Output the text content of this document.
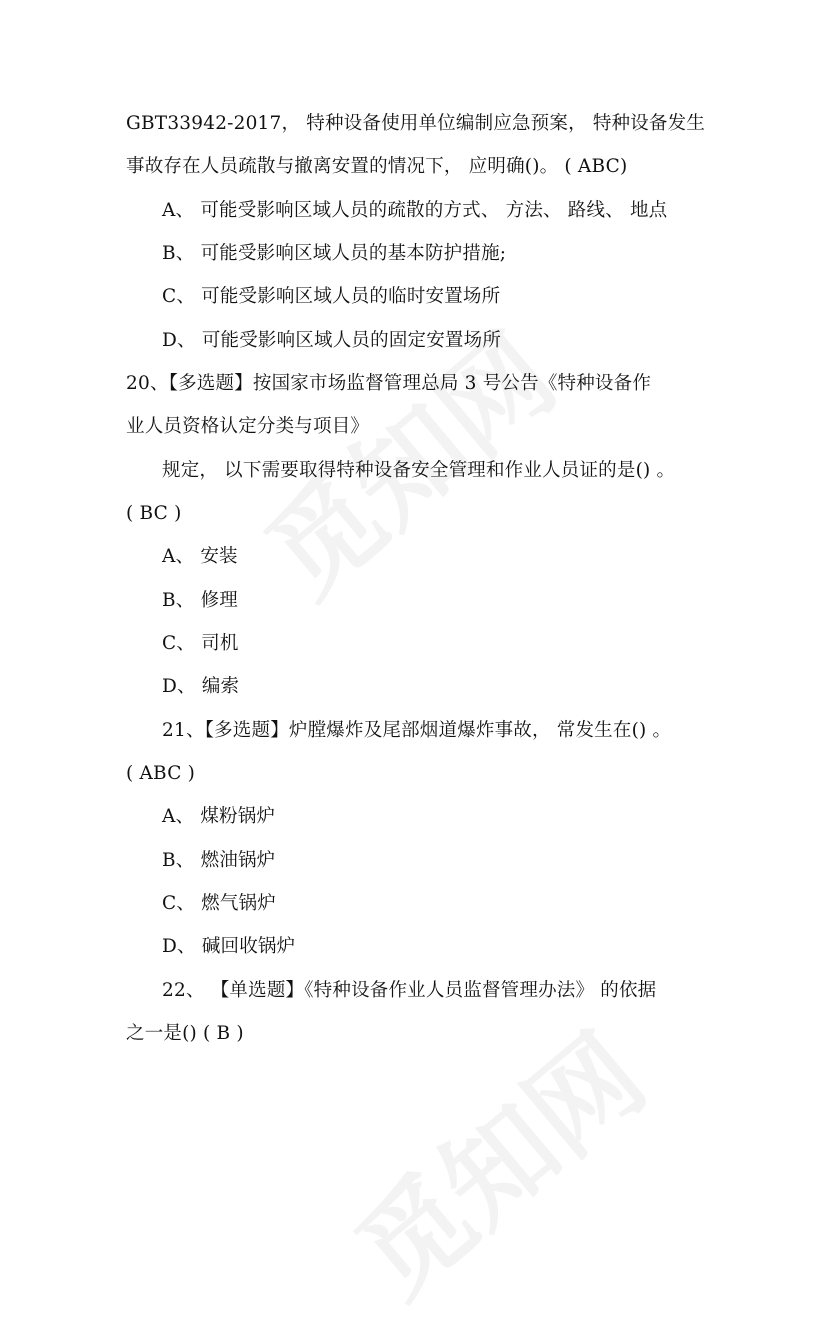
GBT33942-2017， 特种设备使用单位编制应急预案， 特种设备发生
事故存在人员疏散与撤离安置的情况下， 应明确()。 ( ABC)
A、 可能受影响区域人员的疏散的方式、 方法、 路线、 地点
B、 可能受影响区域人员的基本防护措施;
C、 可能受影响区域人员的临时安置场所
D、 可能受影响区域人员的固定安置场所
20、【多选题】按国家市场监督管理总局 3 号公告《特种设备作
业人员资格认定分类与项目》
规定， 以下需要取得特种设备安全管理和作业人员证的是() 。
( BC )
A、 安装
B、 修理
C、 司机
D、 编索
21、【多选题】炉膛爆炸及尾部烟道爆炸事故， 常发生在() 。
( ABC )
A、 煤粉锅炉
B、 燃油锅炉
C、 燃气锅炉
D、 碱回收锅炉
22、 【单选题】《特种设备作业人员监督管理办法》 的依据
之一是() ( B )
